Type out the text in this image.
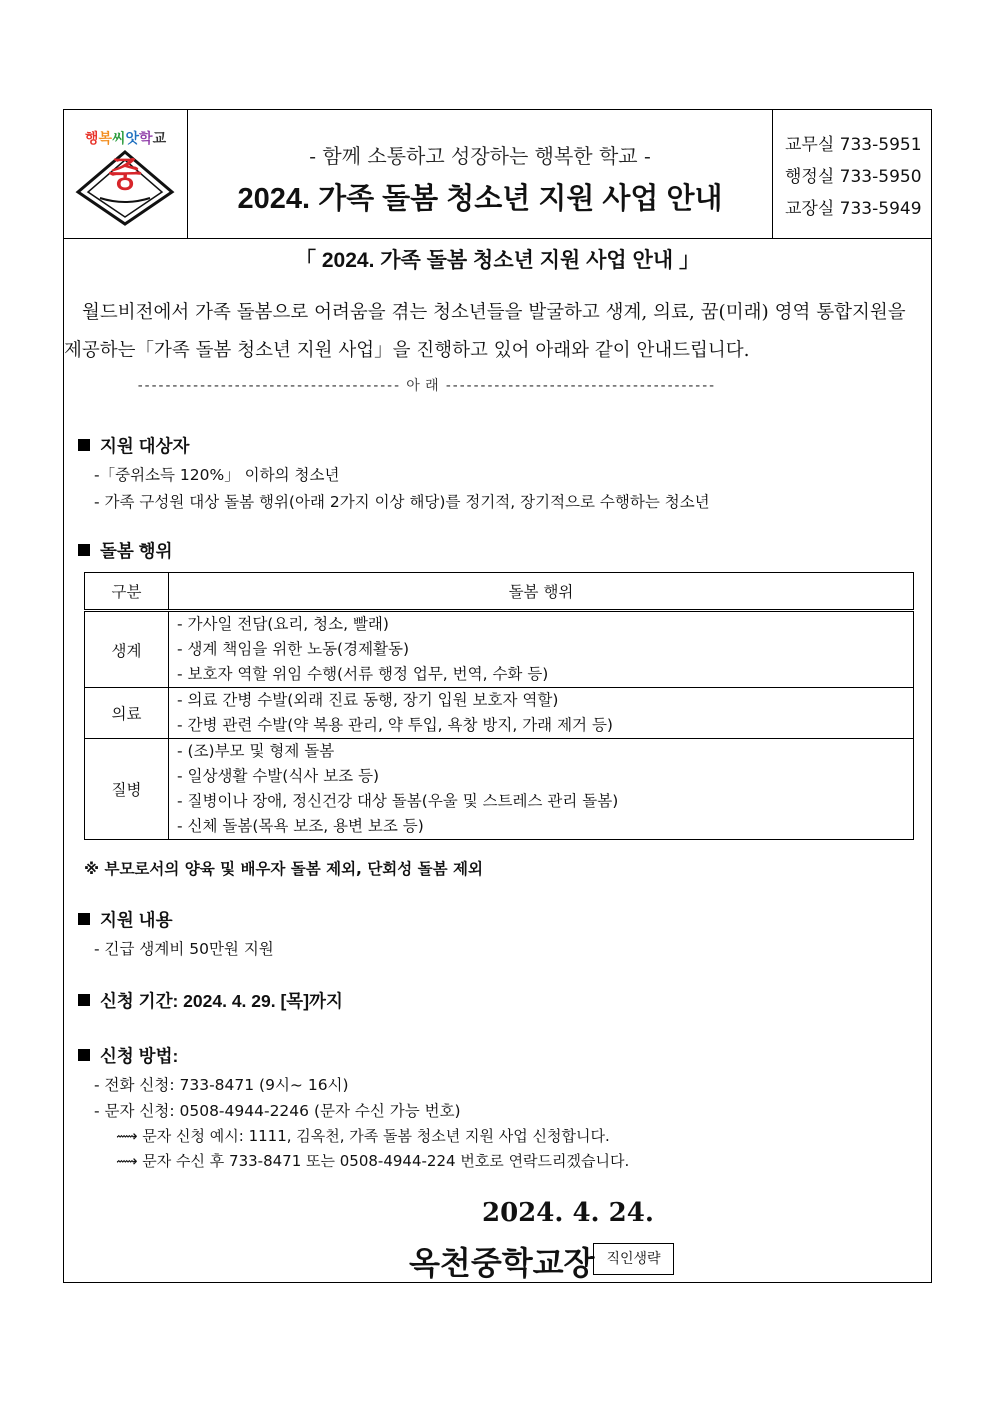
행복씨앗학교
중	- 함께 소통하고 성장하는 행복한 학교 -
2024. 가족 돌봄 청소년 지원 사업 안내
교무실 733-5951
행정실 733-5950
교장실 733-5949
「 2024. 가족 돌봄 청소년 지원 사업 안내 」

월드비전에서 가족 돌봄으로 어려움을 겪는 청소년들을 발굴하고 생계, 의료, 꿈(미래) 영역 통합지원을

제공하는「가족 돌봄 청소년 지원 사업」을 진행하고 있어 아래와 같이 안내드립니다.

-------------------------------------- 아 래 ---------------------------------------
지원 대상자
-「중위소득 120%」 이하의 청소년
- 가족 구성원 대상 돌봄 행위(아래 2가지 이상 해당)를 정기적, 장기적으로 수행하는 청소년
돌봄 행위
구분	돌봄 행위
생계	- 가사일 전담(요리, 청소, 빨래)
- 생계 책임을 위한 노동(경제활동)
- 보호자 역할 위임 수행(서류 행정 업무, 번역, 수화 등)

의료	- 의료 간병 수발(외래 진료 동행, 장기 입원 보호자 역할)
- 간병 관련 수발(약 복용 관리, 약 투입, 욕창 방지, 가래 제거 등)

질병	- (조)부모 및 형제 돌봄
- 일상생활 수발(식사 보조 등)
- 질병이나 장애, 정신건강 대상 돌봄(우울 및 스트레스 관리 돌봄)
- 신체 돌봄(목욕 보조, 용변 보조 등)
※ 부모로서의 양육 및 배우자 돌봄 제외, 단회성 돌봄 제외
지원 내용
- 긴급 생계비 50만원 지원
신청 기간: 2024. 4. 29. [목]까지
신청 방법:
- 전화 신청: 733-8471 (9시~ 16시)
- 문자 신청: 0508-4944-2246 (문자 수신 가능 번호)
⟿ 문자 신청 예시: 1111, 김옥천, 가족 돌봄 청소년 지원 사업 신청합니다.
⟿ 문자 수신 후 733-8471 또는 0508-4944-224 번호로 연락드리겠습니다.
2024. 4. 24.
옥천중학교장 직인생략
